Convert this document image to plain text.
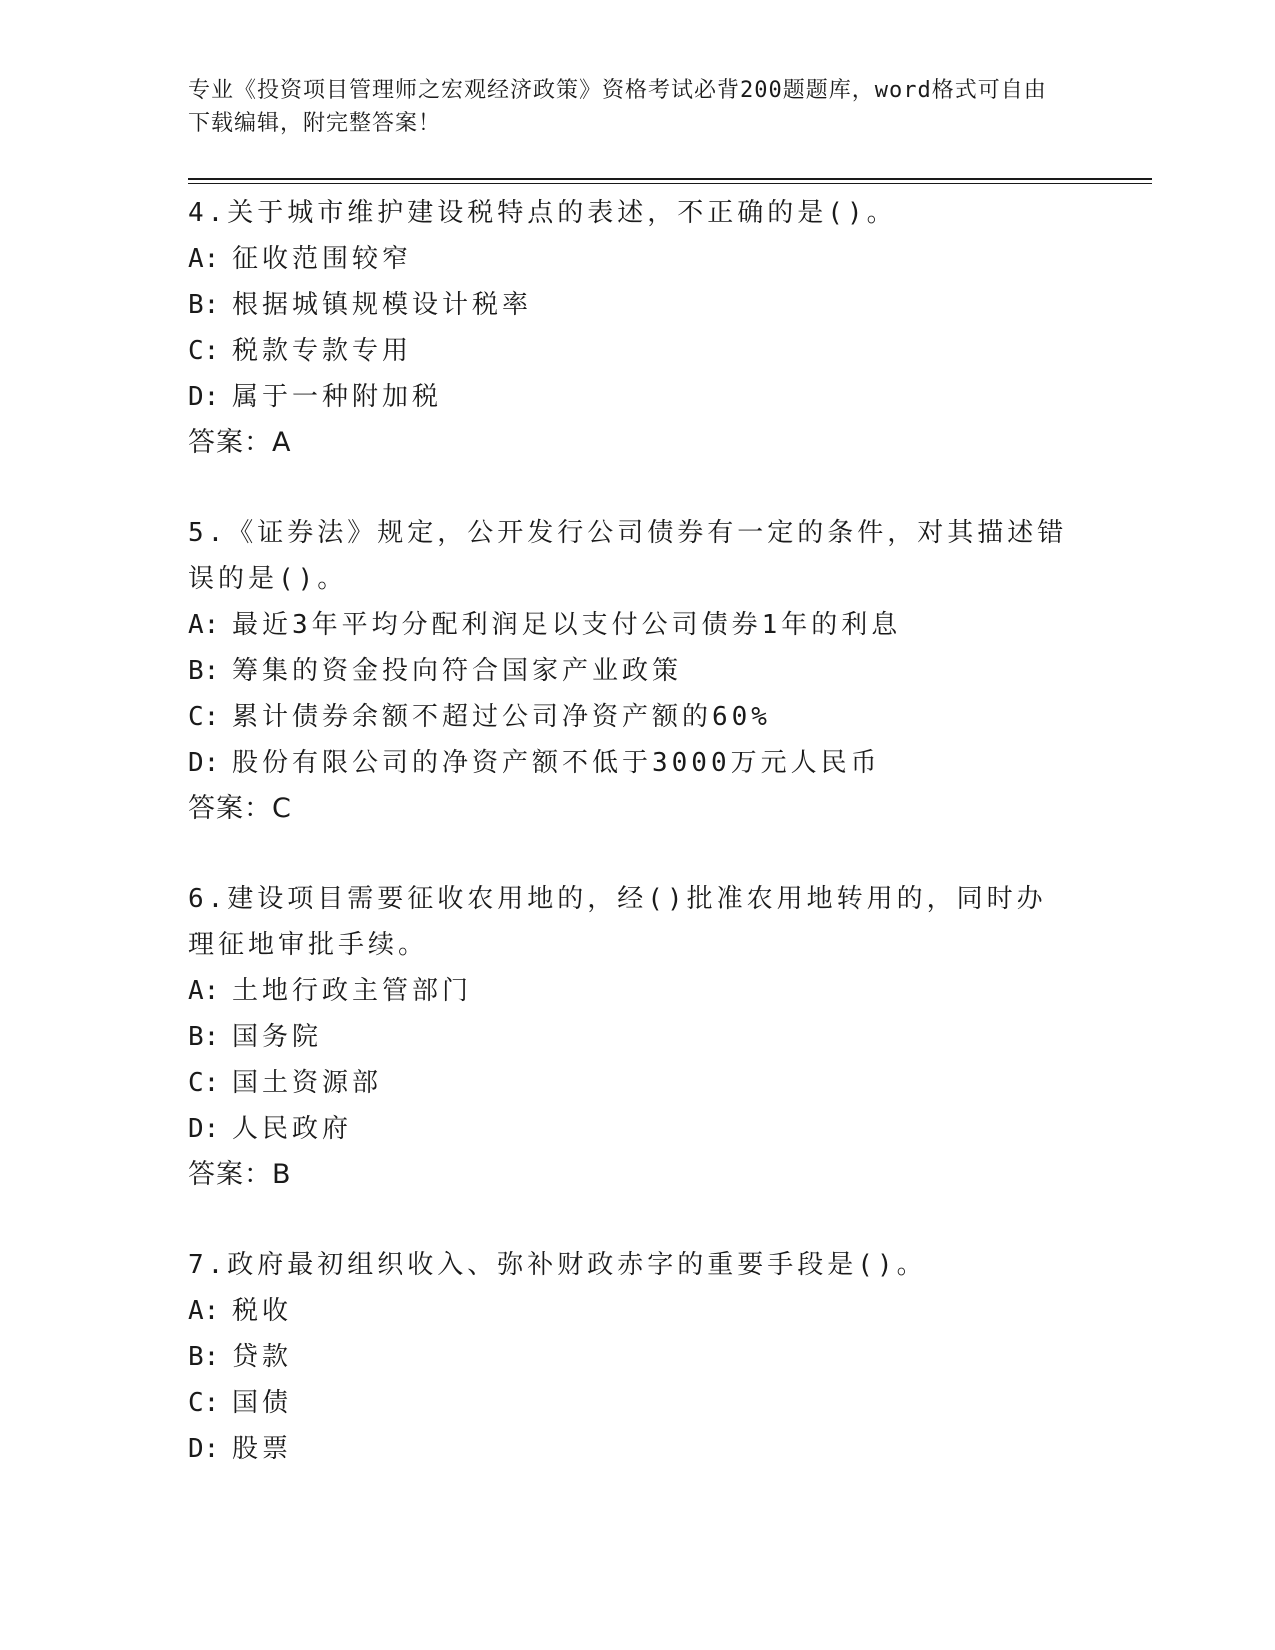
专业《投资项目管理师之宏观经济政策》资格考试必背200题题库，word格式可自由下载编辑，附完整答案！
4.关于城市维护建设税特点的表述，不正确的是()。
A: 征收范围较窄
B: 根据城镇规模设计税率
C: 税款专款专用
D: 属于一种附加税
答案：A
5.《证券法》规定，公开发行公司债券有一定的条件，对其描述错误的是()。
A: 最近3年平均分配利润足以支付公司债券1年的利息
B: 筹集的资金投向符合国家产业政策
C: 累计债券余额不超过公司净资产额的60%
D: 股份有限公司的净资产额不低于3000万元人民币
答案：C
6.建设项目需要征收农用地的，经()批准农用地转用的，同时办理征地审批手续。
A: 土地行政主管部门
B: 国务院
C: 国土资源部
D: 人民政府
答案：B
7.政府最初组织收入、弥补财政赤字的重要手段是()。
A: 税收
B: 贷款
C: 国债
D: 股票
